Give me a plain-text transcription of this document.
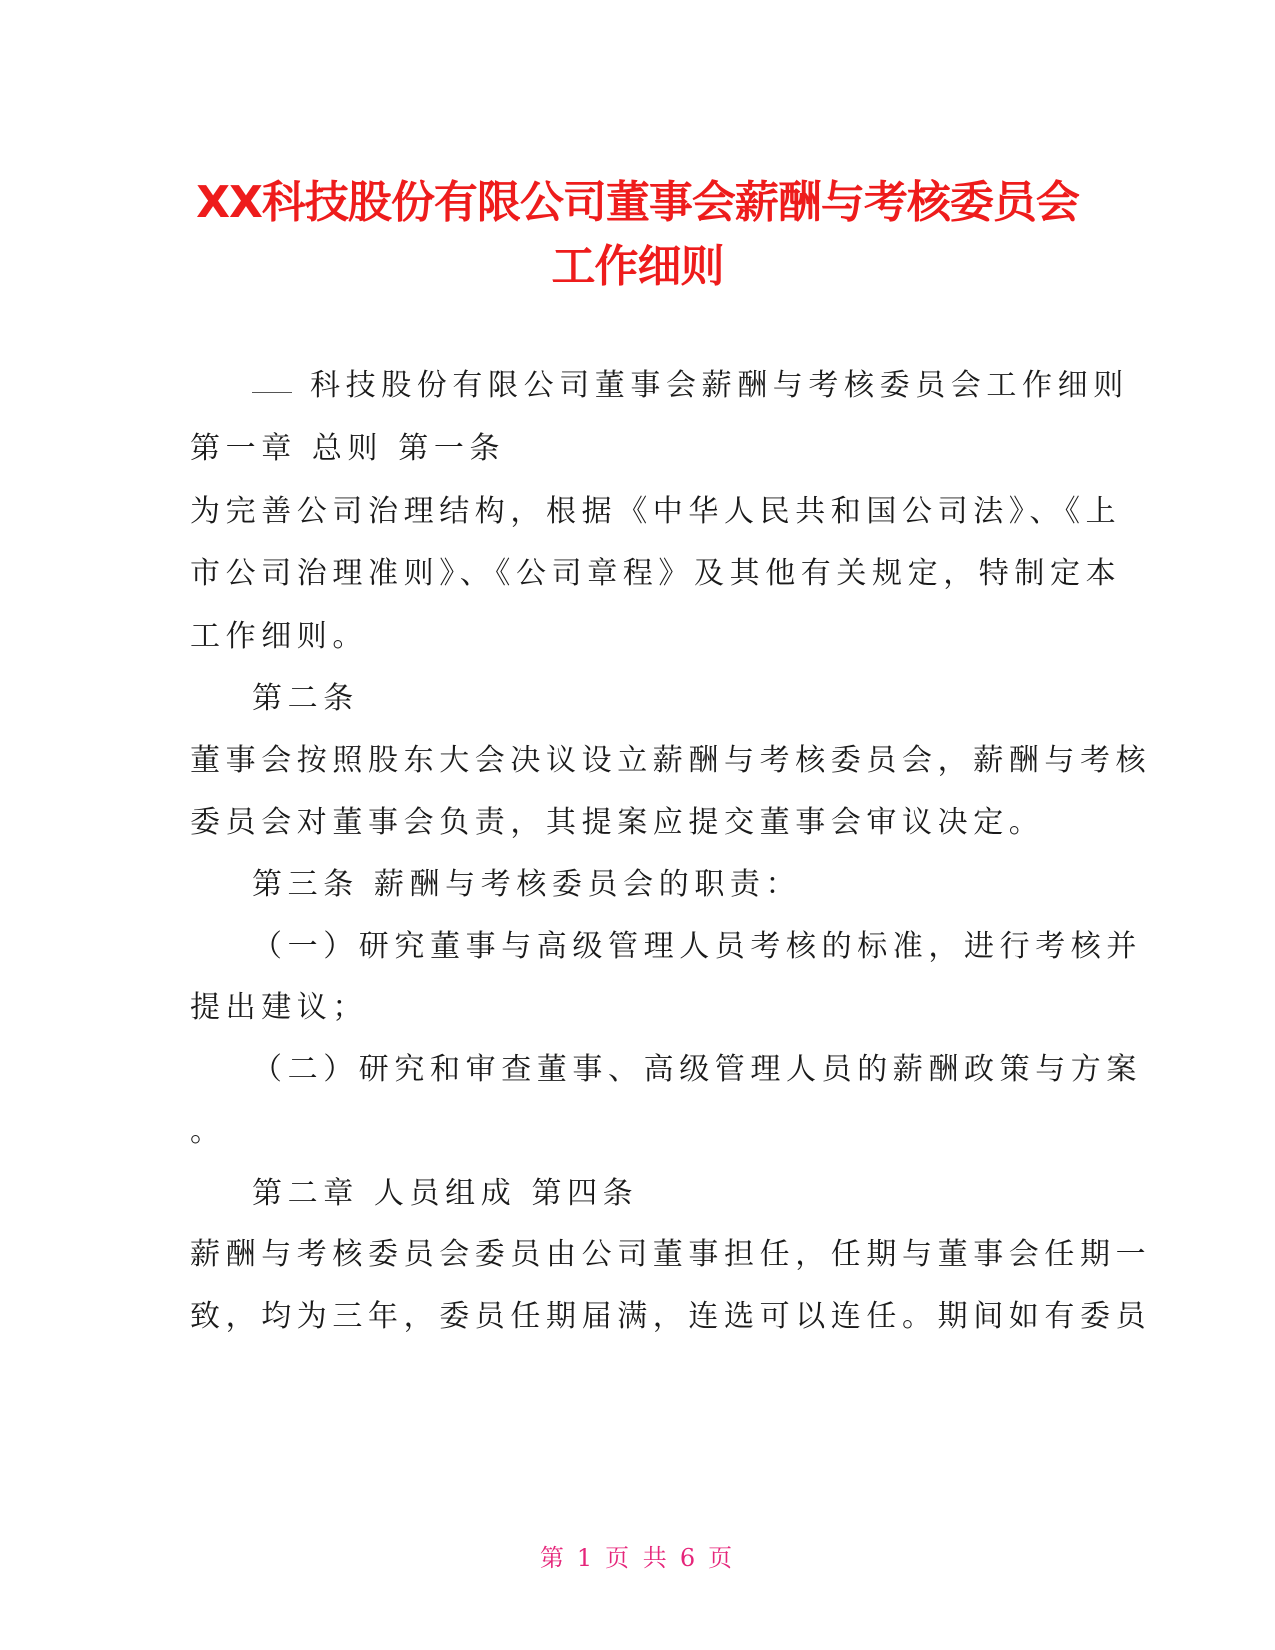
XX科技股份有限公司董事会薪酬与考核委员会
工作细则
科技股份有限公司董事会薪酬与考核委员会工作细则
第一章 总则 第一条
为完善公司治理结构，根据《中华人民共和国公司法》、《上
市公司治理准则》、《公司章程》及其他有关规定，特制定本
工作细则。
第二条
董事会按照股东大会决议设立薪酬与考核委员会，薪酬与考核
委员会对董事会负责，其提案应提交董事会审议决定。
第三条 薪酬与考核委员会的职责：
（一）研究董事与高级管理人员考核的标准，进行考核并
提出建议；
（二）研究和审查董事、高级管理人员的薪酬政策与方案
。
第二章 人员组成 第四条
薪酬与考核委员会委员由公司董事担任，任期与董事会任期一
致，均为三年，委员任期届满，连选可以连任。期间如有委员
第 1 页 共 6 页
